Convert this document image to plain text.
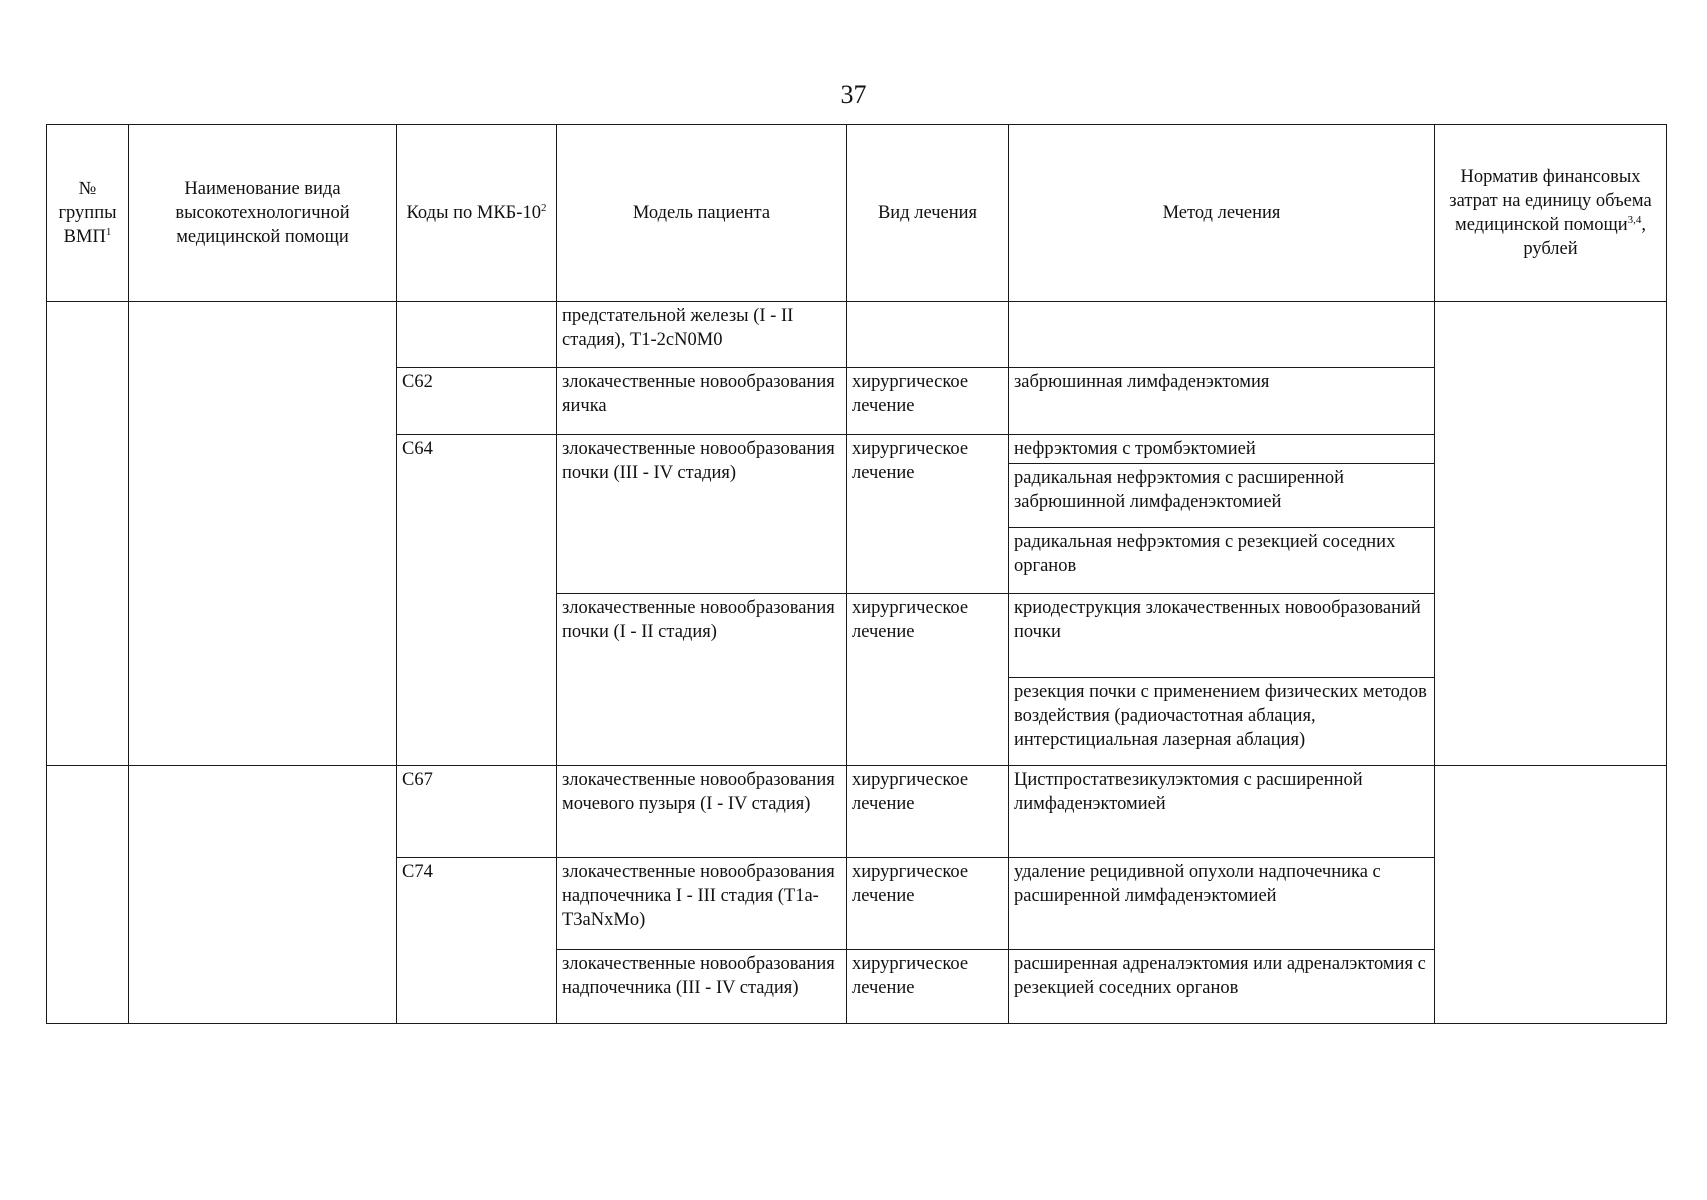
37
№ группы ВМП$^1$	Наименование вида высокотехнологичной медицинской помощи	Коды по МКБ-$10^2$	Модель пациента	Вид лечения	Метод лечения	Норматив финансовых затрат на единицу объема медицинской помощи$^{3,4}$, рублей
			предстательной железы (I - II стадия), T1-2cN0M0			
		C62	злокачественные новообразования яичка	хирургическое лечение	забрюшинная лимфаденэктомия	
		C64	злокачественные новообразования почки (III - IV стадия)	хирургическое лечение	нефрэктомия с тромбэктомией	
					радикальная нефрэктомия с расширенной забрюшинной лимфаденэктомией	
					радикальная нефрэктомия с резекцией соседних органов	
			злокачественные новообразования почки (I - II стадия)	хирургическое лечение	криодеструкция злокачественных новообразований почки	
					резекция почки с применением физических методов воздействия (радиочастотная аблация, интерстициальная лазерная аблация)	
		C67	злокачественные новообразования мочевого пузыря (I - IV стадия)	хирургическое лечение	Цистпростатвезикулэктомия с расширенной лимфаденэктомией	
		C74	злокачественные новообразования надпочечника I - III стадия (T1a-T3aNxMo)	хирургическое лечение	удаление рецидивной опухоли надпочечника с расширенной лимфаденэктомией	
			злокачественные новообразования надпочечника (III - IV стадия)	хирургическое лечение	расширенная адреналэктомия или адреналэктомия с резекцией соседних органов	
